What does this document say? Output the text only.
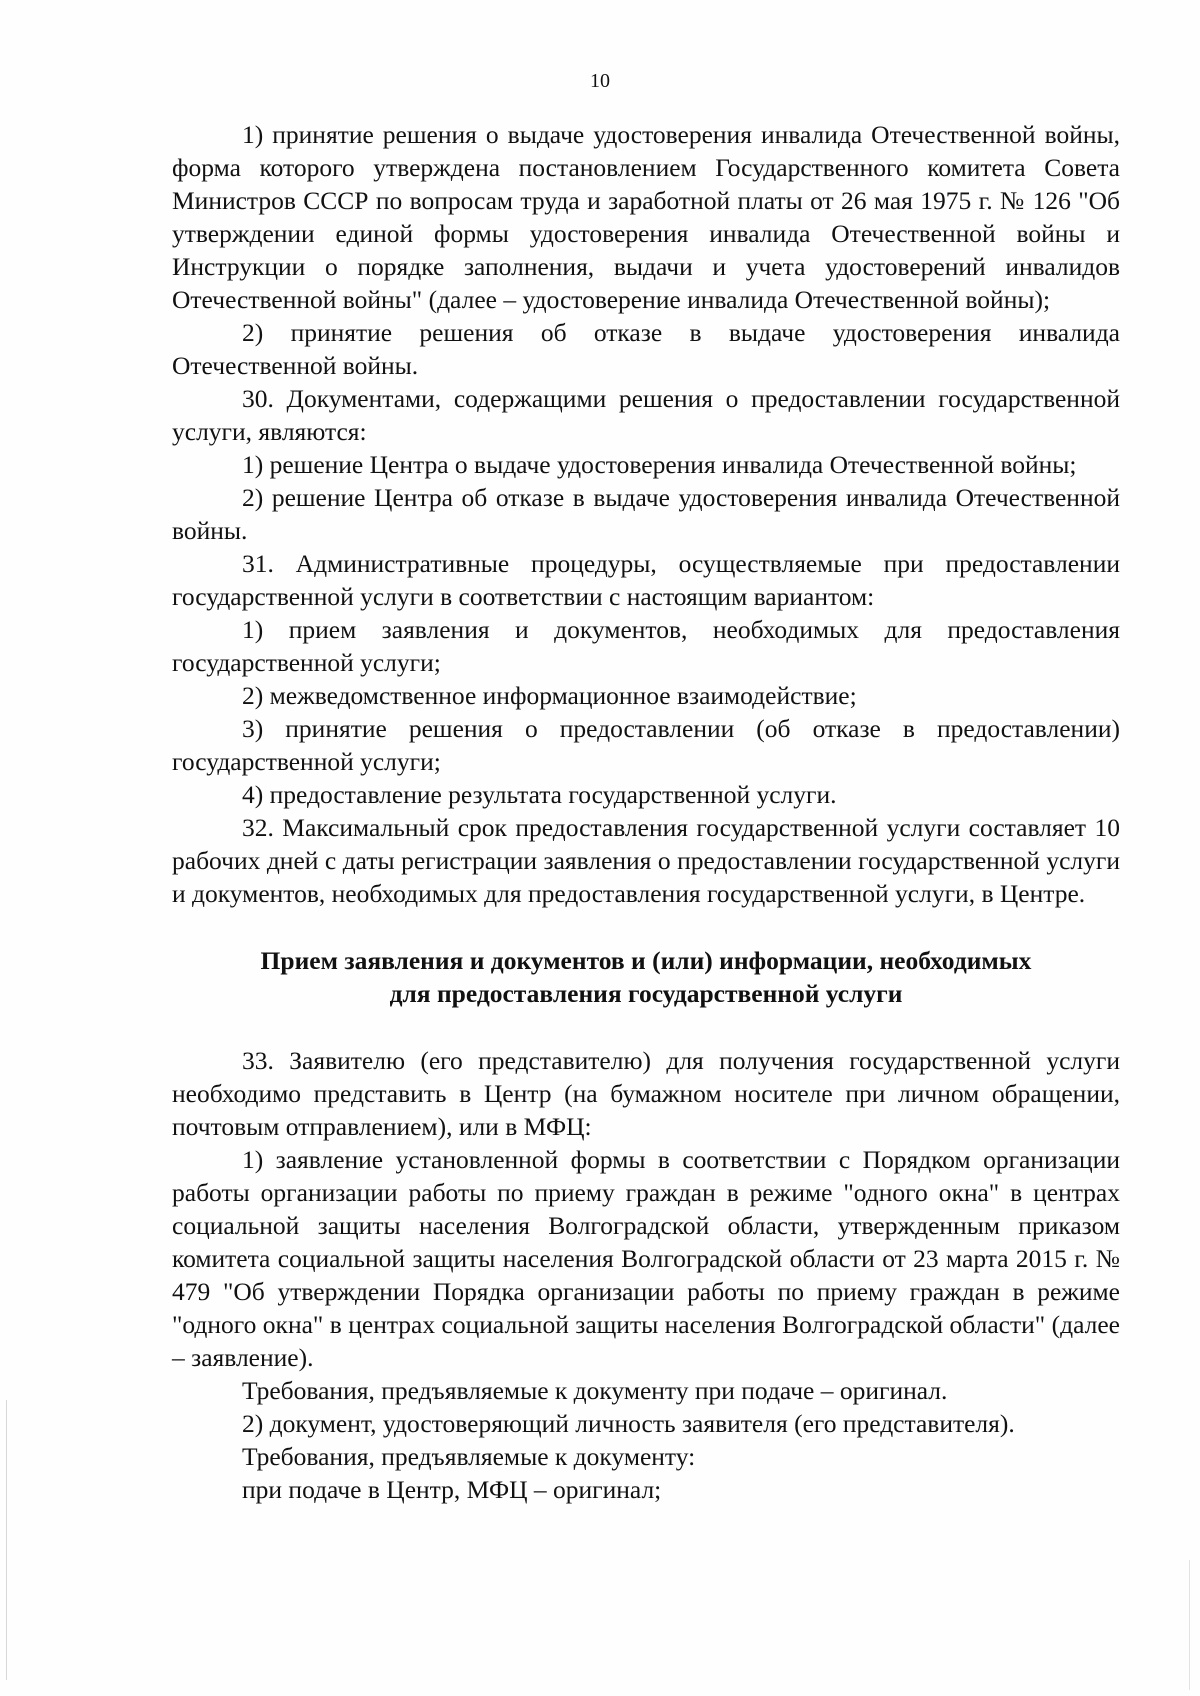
10

1) принятие решения о выдаче удостоверения инвалида Отечественной войны, форма которого утверждена постановлением Государственного комитета Совета Министров СССР по вопросам труда и заработной платы от 26 мая 1975 г. № 126 "Об утверждении единой формы удостоверения инвалида Отечественной войны и Инструкции о порядке заполнения, выдачи и учета удостоверений инвалидов Отечественной войны" (далее – удостоверение инвалида Отечественной войны);

2) принятие решения об отказе в выдаче удостоверения инвалида Отечественной войны.

30. Документами, содержащими решения о предоставлении государственной услуги, являются:

1) решение Центра о выдаче удостоверения инвалида Отечественной войны;

2) решение Центра об отказе в выдаче удостоверения инвалида Отечественной войны.

31. Административные процедуры, осуществляемые при предоставлении государственной услуги в соответствии с настоящим вариантом:

1) прием заявления и документов, необходимых для предоставления государственной услуги;

2) межведомственное информационное взаимодействие;

3) принятие решения о предоставлении (об отказе в предоставлении) государственной услуги;

4) предоставление результата государственной услуги.

32. Максимальный срок предоставления государственной услуги составляет 10 рабочих дней с даты регистрации заявления о предоставлении государственной услуги и документов, необходимых для предоставления государственной услуги, в Центре.

Прием заявления и документов и (или) информации, необходимых
для предоставления государственной услуги

33. Заявителю (его представителю) для получения государственной услуги необходимо представить в Центр (на бумажном носителе при личном обращении, почтовым отправлением), или в МФЦ:

1) заявление установленной формы в соответствии с Порядком организации работы организации работы по приему граждан в режиме "одного окна" в центрах социальной защиты населения Волгоградской области, утвержденным приказом комитета социальной защиты населения Волгоградской области от 23 марта 2015 г. № 479 "Об утверждении Порядка организации работы по приему граждан в режиме "одного окна" в центрах социальной защиты населения Волгоградской области" (далее – заявление).

Требования, предъявляемые к документу при подаче – оригинал.

2) документ, удостоверяющий личность заявителя (его представителя).

Требования, предъявляемые к документу:

при подаче в Центр, МФЦ – оригинал;
